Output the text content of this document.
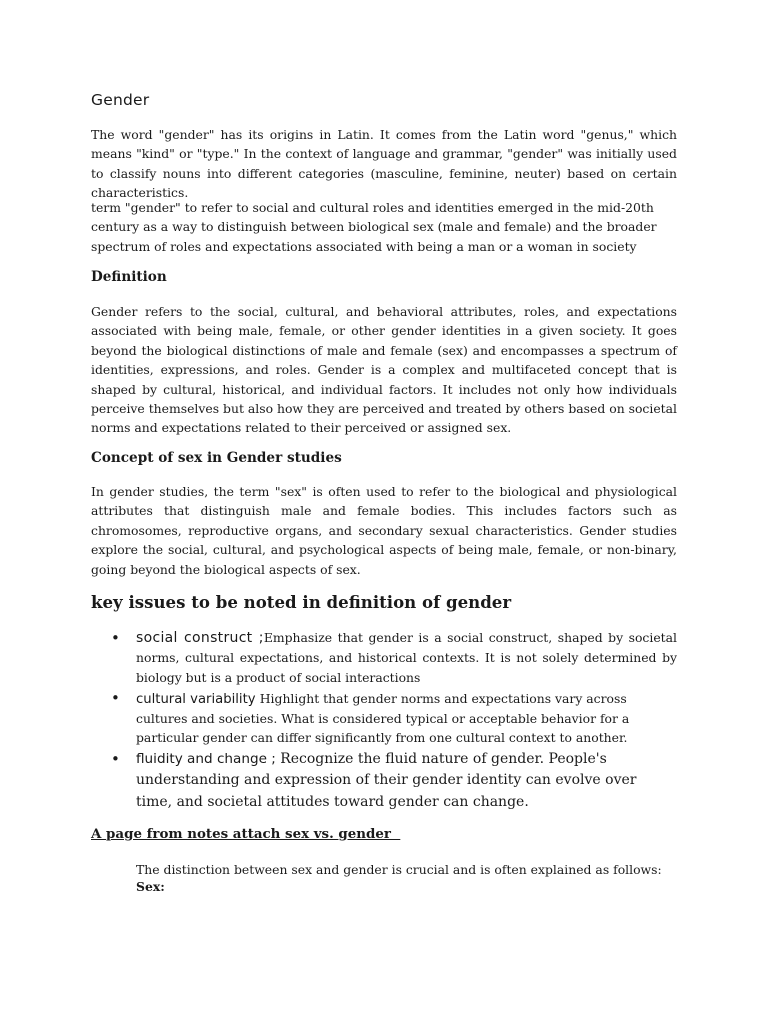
Gender

The word "gender" has its origins in Latin. It comes from the Latin word "genus," which means "kind" or "type." In the context of language and grammar, "gender" was initially used to classify nouns into different categories (masculine, feminine, neuter) based on certain characteristics.

term "gender" to refer to social and cultural roles and identities emerged in the mid-20th century as a way to distinguish between biological sex (male and female) and the broader spectrum of roles and expectations associated with being a man or a woman in society

Definition

Gender refers to the social, cultural, and behavioral attributes, roles, and expectations associated with being male, female, or other gender identities in a given society. It goes beyond the biological distinctions of male and female (sex) and encompasses a spectrum of identities, expressions, and roles. Gender is a complex and multifaceted concept that is shaped by cultural, historical, and individual factors. It includes not only how individuals perceive themselves but also how they are perceived and treated by others based on societal norms and expectations related to their perceived or assigned sex.

Concept of sex in Gender studies

In gender studies, the term "sex" is often used to refer to the biological and physiological attributes that distinguish male and female bodies. This includes factors such as chromosomes, reproductive organs, and secondary sexual characteristics. Gender studies explore the social, cultural, and psychological aspects of being male, female, or non-binary, going beyond the biological aspects of sex.

key issues to be noted in definition of gender
• social construct ;Emphasize that gender is a social construct, shaped by societal norms, cultural expectations, and historical contexts. It is not solely determined by biology but is a product of social interactions

• cultural variability Highlight that gender norms and expectations vary across cultures and societies. What is considered typical or acceptable behavior for a particular gender can differ significantly from one cultural context to another.

• fluidity and change ; Recognize the fluid nature of gender. People's understanding and expression of their gender identity can evolve over time, and societal attitudes toward gender can change.

A page from notes attach sex vs. gender

The distinction between sex and gender is crucial and is often explained as follows:

Sex:
